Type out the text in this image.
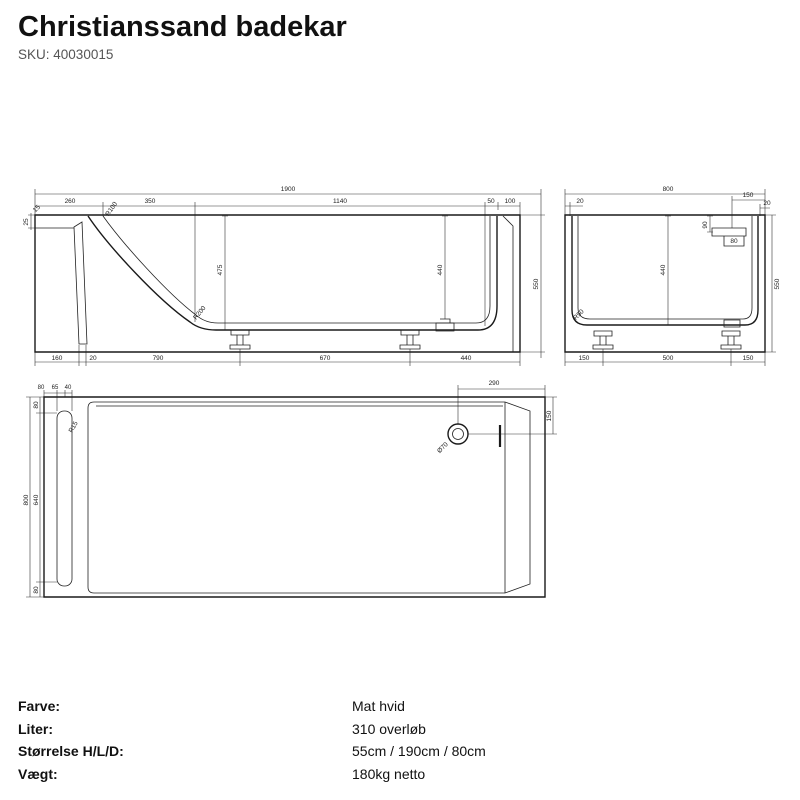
Christianssand badekar
SKU: 40030015
1900
260	350	1140	50 100
15
25
R100
475	440
550
R200
160	20	790	670	440
800
20
150
20
90
80
440
550
R50
150	500	150
80 65 40
290
150
R15
80
800 640
80
Ø70
Farve:	Mat hvid
Liter:	310 overløb
Størrelse H/L/D:	55cm / 190cm / 80cm
Vægt:	180kg netto
